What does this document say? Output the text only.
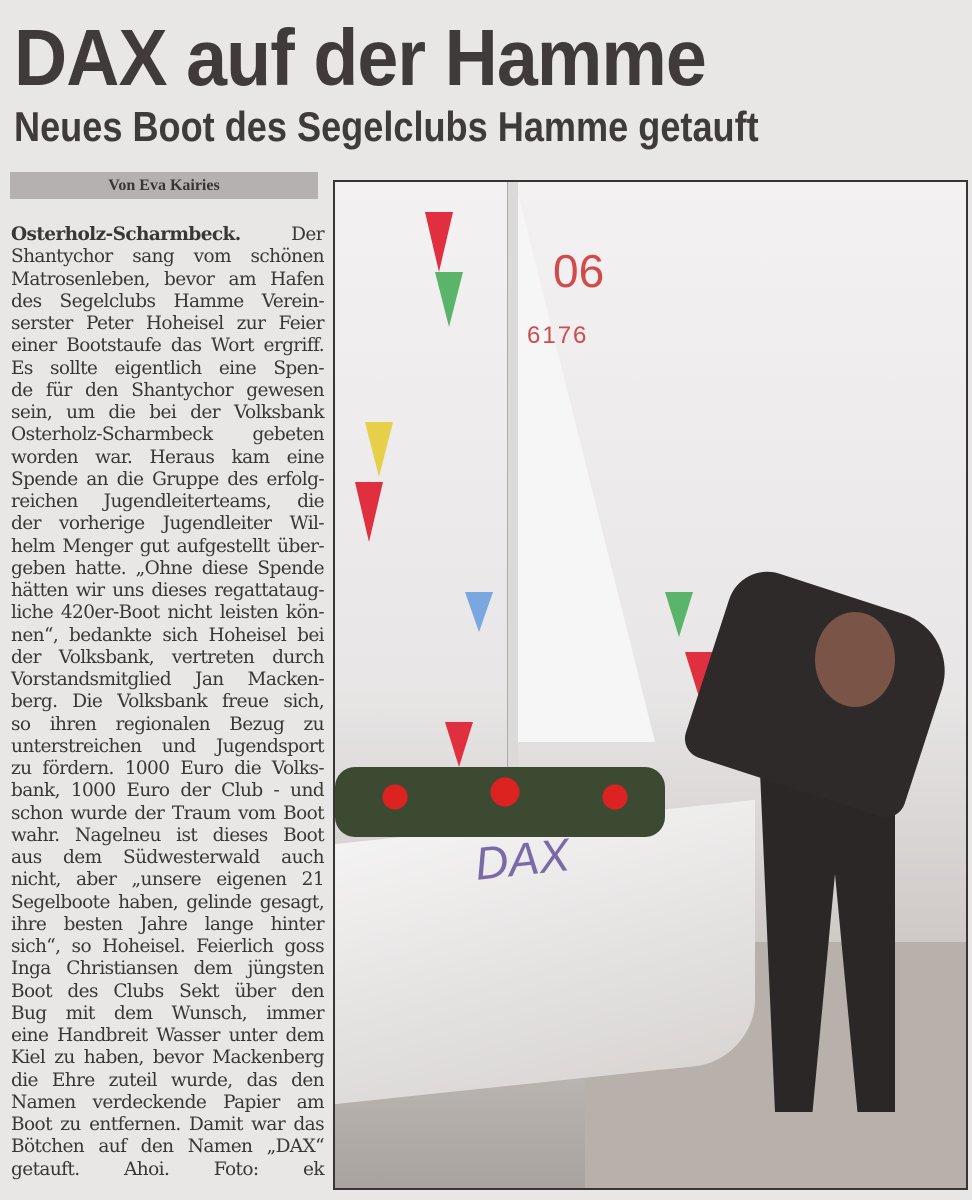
DAX auf der Hamme
Neues Boot des Segelclubs Hamme getauft
Von Eva Kairies
Osterholz-Scharmbeck.	Der
Shantychor sang vom schönen
Matrosenleben, bevor am Hafen
des Segelclubs Hamme Verein-
serster Peter Hoheisel zur Feier
einer Bootstaufe das Wort ergriff.
Es sollte eigentlich eine Spen-
de für den Shantychor gewesen
sein, um die bei der Volksbank
Osterholz-Scharmbeck gebeten
worden war. Heraus kam eine
Spende an die Gruppe des erfolg-
reichen Jugendleiterteams, die
der vorherige Jugendleiter Wil-
helm Menger gut aufgestellt über-
geben hatte. „Ohne diese Spende
hätten wir uns dieses regattataug-
liche 420er-Boot nicht leisten kön-
nen“, bedankte sich Hoheisel bei
der Volksbank, vertreten durch
Vorstandsmitglied Jan Macken-
berg. Die Volksbank freue sich,
so ihren regionalen Bezug zu
unterstreichen und Jugendsport
zu fördern. 1000 Euro die Volks-
bank, 1000 Euro der Club - und
schon wurde der Traum vom Boot
wahr. Nagelneu ist dieses Boot
aus dem Südwesterwald auch
nicht, aber „unsere eigenen 21
Segelboote haben, gelinde gesagt,
ihre besten Jahre lange hinter
sich“, so Hoheisel. Feierlich goss
Inga Christiansen dem jüngsten
Boot des Clubs Sekt über den
Bug mit dem Wunsch, immer
eine Handbreit Wasser unter dem
Kiel zu haben, bevor Mackenberg
die Ehre zuteil wurde, das den
Namen verdeckende Papier am
Boot zu entfernen. Damit war das
Bötchen auf den Namen „DAX“
getauft. Ahoi. Foto: ek
06
6176
DAX
